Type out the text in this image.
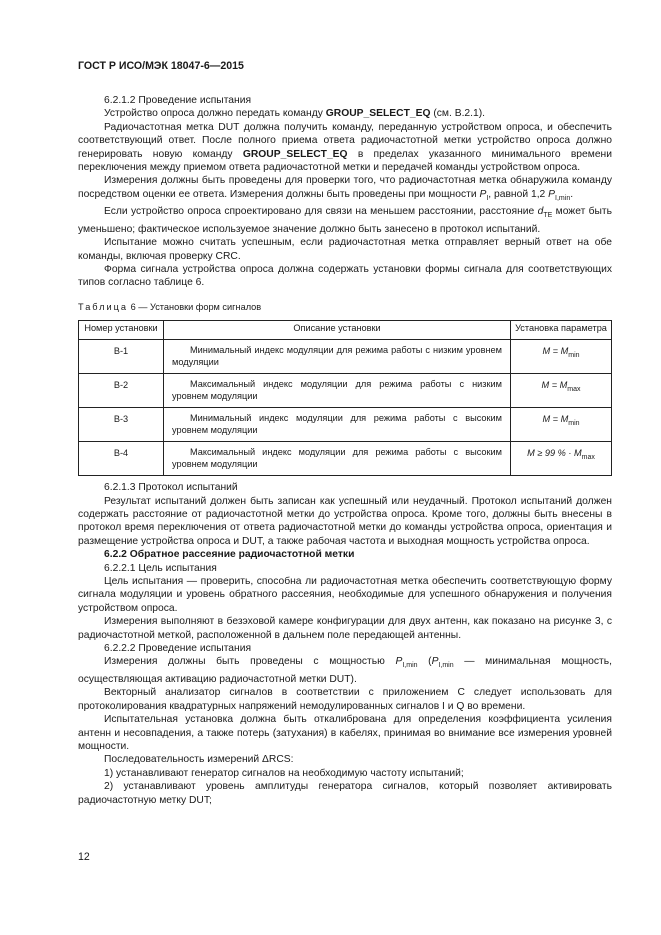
ГОСТ Р ИСО/МЭК 18047-6—2015

6.2.1.2 Проведение испытания

Устройство опроса должно передать команду GROUP_SELECT_EQ (см. В.2.1).

Радиочастотная метка DUT должна получить команду, переданную устройством опроса, и обеспечить соответствующий ответ. После полного приема ответа радиочастотной метки устройство опроса должно генерировать новую команду GROUP_SELECT_EQ в пределах указанного минимального времени переключения между приемом ответа радиочастотной метки и передачей команды устройством опроса.

Измерения должны быть проведены для проверки того, что радиочастотная метка обнаружила команду посредством оценки ее ответа. Измерения должны быть проведены при мощности $P_I$, равной 1,2 $P_{I,min}$.

Если устройство опроса спроектировано для связи на меньшем расстоянии, расстояние $d_{TE}$ может быть уменьшено; фактическое используемое значение должно быть занесено в протокол испытаний.

Испытание можно считать успешным, если радиочастотная метка отправляет верный ответ на обе команды, включая проверку CRC.

Форма сигнала устройства опроса должна содержать установки формы сигнала для соответствующих типов согласно таблице 6.

Таблица 6 — Установки форм сигналов
Номер установки	Описание установки	Установка параметра
В-1	Минимальный индекс модуляции для режима работы с низким уровнем модуляции	$M = M_{min}$
В-2	Максимальный индекс модуляции для режима работы с низким уровнем модуляции	$M = M_{max}$
В-3	Минимальный индекс модуляции для режима работы с высоким уровнем модуляции	$M = M_{min}$
В-4	Максимальный индекс модуляции для режима работы с высоким уровнем модуляции	M ≥ 99 % · $M_{max}$

6.2.1.3 Протокол испытаний

Результат испытаний должен быть записан как успешный или неудачный. Протокол испытаний должен содержать расстояние от радиочастотной метки до устройства опроса. Кроме того, должны быть внесены в протокол время переключения от ответа радиочастотной метки до команды устройства опроса, ориентация и размещение устройства опроса и DUT, а также рабочая частота и выходная мощность устройства опроса.

6.2.2 Обратное рассеяние радиочастотной метки

6.2.2.1 Цель испытания

Цель испытания — проверить, способна ли радиочастотная метка обеспечить соответствующую форму сигнала модуляции и уровень обратного рассеяния, необходимые для успешного обнаружения и получения устройством опроса.

Измерения выполняют в безэховой камере конфигурации для двух антенн, как показано на рисунке 3, с радиочастотной меткой, расположенной в дальнем поле передающей антенны.

6.2.2.2 Проведение испытания

Измерения должны быть проведены с мощностью $P_{I,min}$ ($P_{I,min}$ — минимальная мощность, осуществляющая активацию радиочастотной метки DUT).

Векторный анализатор сигналов в соответствии с приложением С следует использовать для протоколирования квадратурных напряжений немодулированных сигналов I и Q во времени.

Испытательная установка должна быть откалибрована для определения коэффициента усиления антенн и несовпадения, а также потерь (затухания) в кабелях, принимая во внимание все измерения уровней мощности.

Последовательность измерений ΔRCS:

1) устанавливают генератор сигналов на необходимую частоту испытаний;

2) устанавливают уровень амплитуды генератора сигналов, который позволяет активировать радиочастотную метку DUT;

12
